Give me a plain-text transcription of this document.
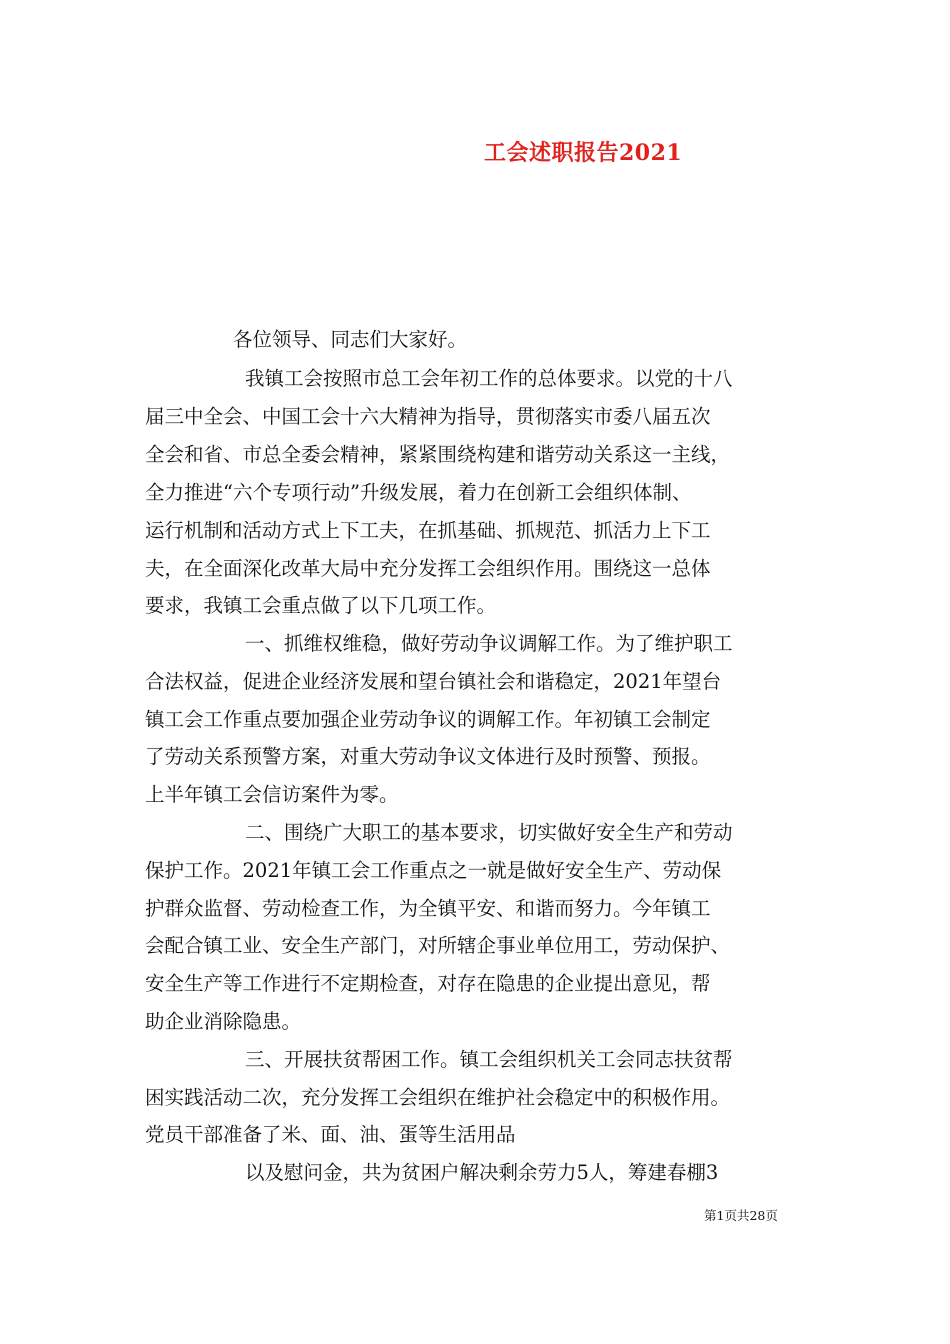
工会述职报告2021
各位领导、同志们大家好。
我镇工会按照市总工会年初工作的总体要求。以党的十八
届三中全会、中国工会十六大精神为指导，贯彻落实市委八届五次
全会和省、市总全委会精神，紧紧围绕构建和谐劳动关系这一主线，
全力推进“六个专项行动”升级发展，着力在创新工会组织体制、
运行机制和活动方式上下工夫，在抓基础、抓规范、抓活力上下工
夫，在全面深化改革大局中充分发挥工会组织作用。围绕这一总体
要求，我镇工会重点做了以下几项工作。
一、抓维权维稳，做好劳动争议调解工作。为了维护职工
合法权益，促进企业经济发展和望台镇社会和谐稳定，2021年望台
镇工会工作重点要加强企业劳动争议的调解工作。年初镇工会制定
了劳动关系预警方案，对重大劳动争议文体进行及时预警、预报。
上半年镇工会信访案件为零。
二、围绕广大职工的基本要求，切实做好安全生产和劳动
保护工作。2021年镇工会工作重点之一就是做好安全生产、劳动保
护群众监督、劳动检查工作，为全镇平安、和谐而努力。今年镇工
会配合镇工业、安全生产部门，对所辖企事业单位用工，劳动保护、
安全生产等工作进行不定期检查，对存在隐患的企业提出意见，帮
助企业消除隐患。
三、开展扶贫帮困工作。镇工会组织机关工会同志扶贫帮
困实践活动二次，充分发挥工会组织在维护社会稳定中的积极作用。
党员干部准备了米、面、油、蛋等生活用品
以及慰问金，共为贫困户解决剩余劳力5人，筹建春棚3
第1页共28页
